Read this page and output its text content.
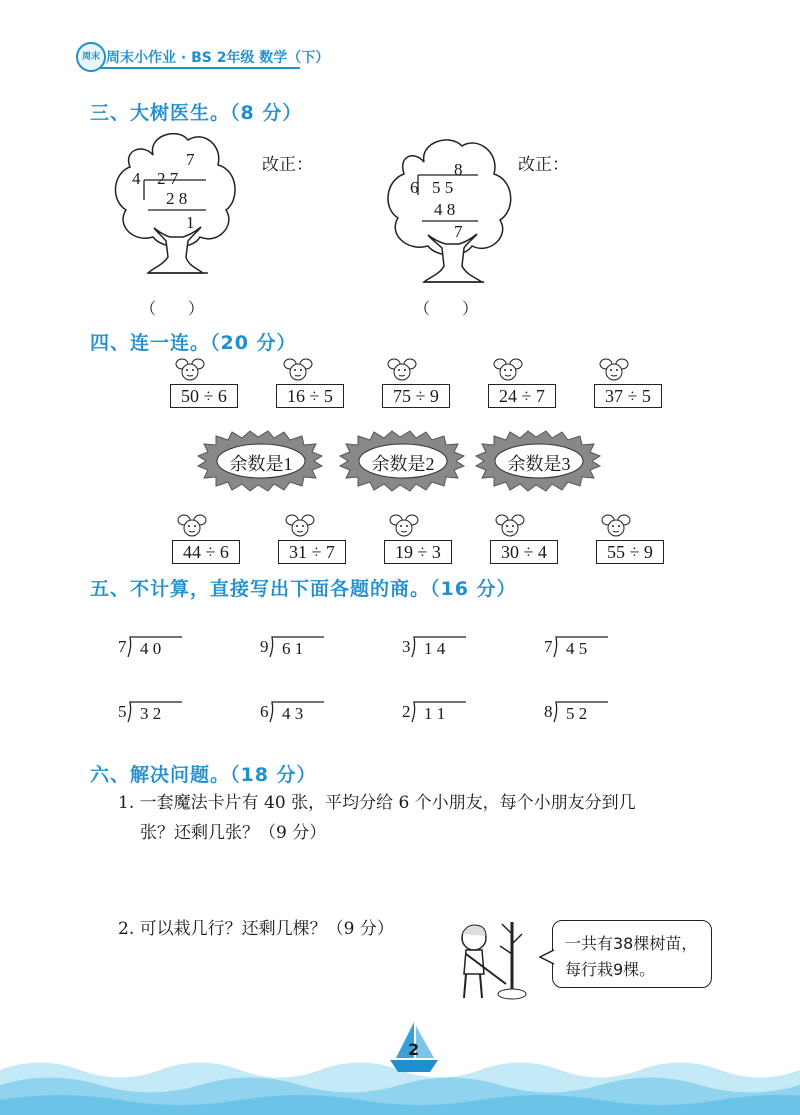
周末 周末小作业 · BS 2年级 数学（下）
三、大树医生。（8 分）
7
4 2 7
2 8
1
改正：
（　　）
8
6 5 5
4 8
7
改正：
（　　）
四、连一连。（20 分）
50 ÷ 6	16 ÷ 5	75 ÷ 9	24 ÷ 7	37 ÷ 5
余数是1	余数是2	余数是3
44 ÷ 6	31 ÷ 7	19 ÷ 3	30 ÷ 4	55 ÷ 9
五、不计算，直接写出下面各题的商。（16 分）
7 4 0	9 6 1	3 1 4	7 4 5
5 3 2	6 4 3	2 1 1	8 5 2
六、解决问题。（18 分）
1. 一套魔法卡片有 40 张，平均分给 6 个小朋友，每个小朋友分到几
张？还剩几张？（9 分）
2. 可以栽几行？还剩几棵？（9 分）
一共有38棵树苗，
每行栽9棵。
2
